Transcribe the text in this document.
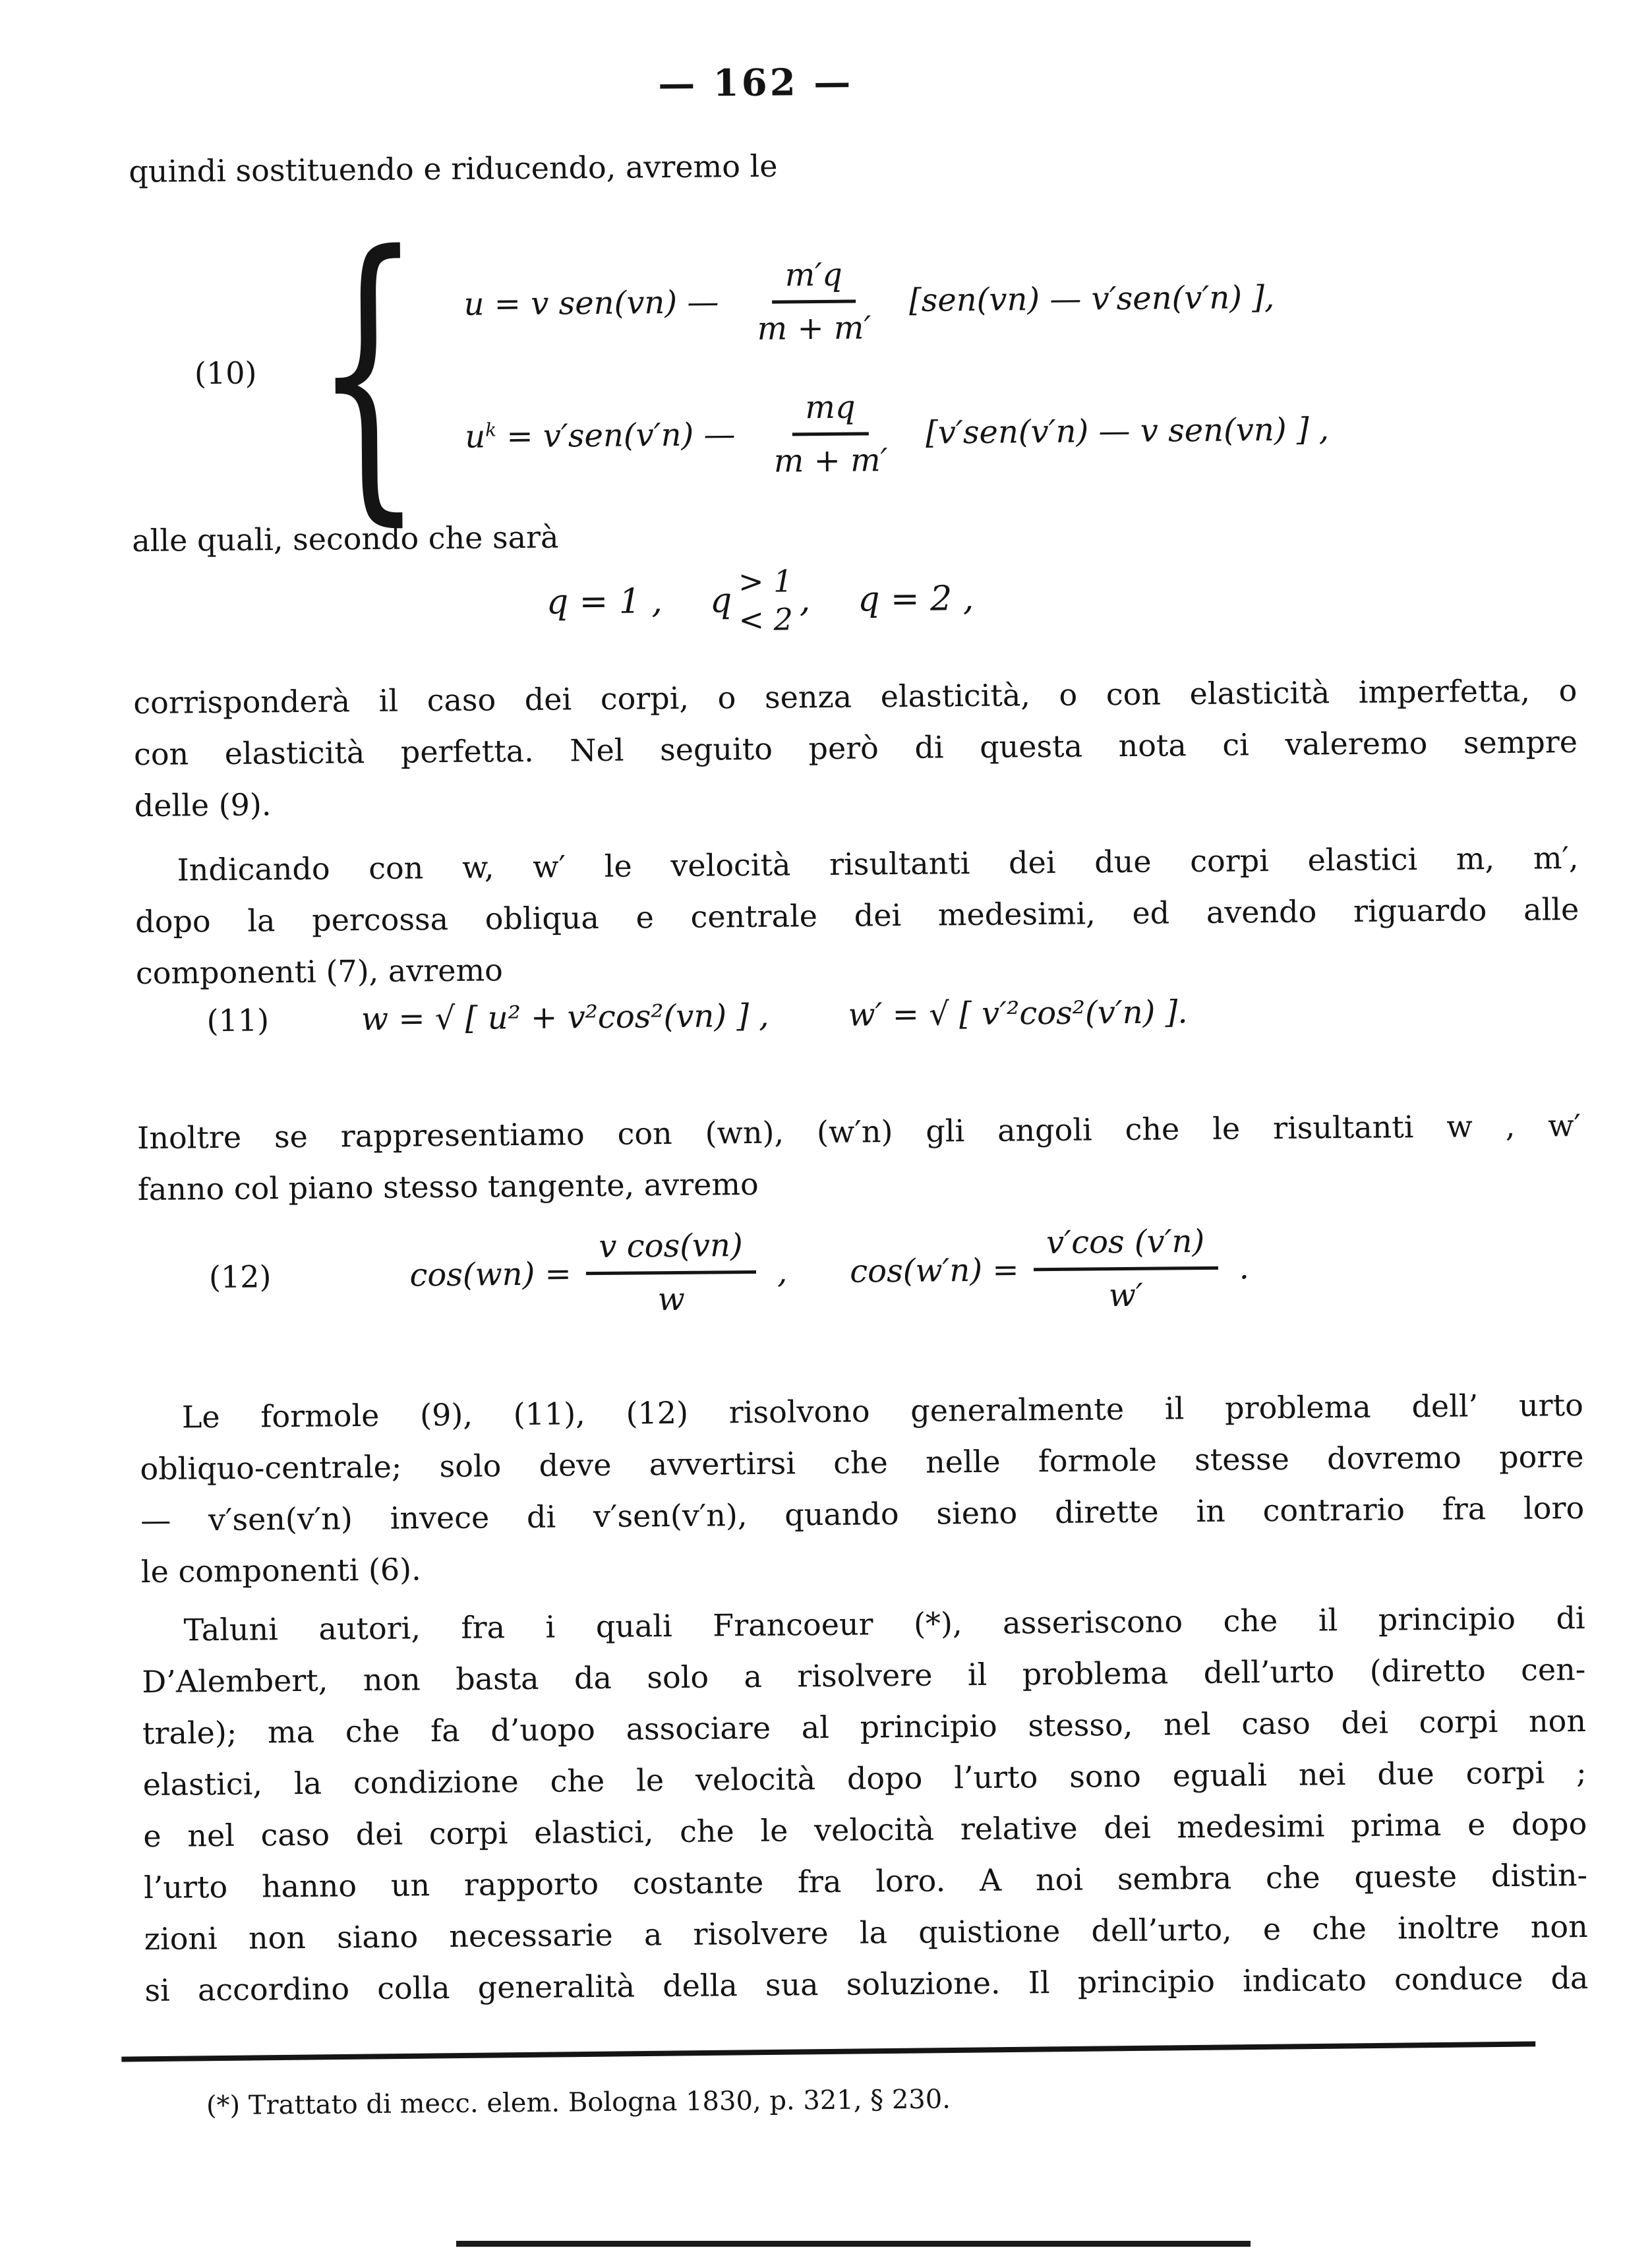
— 162 —
quindi sostituendo e riducendo, avremo le
(10) { u = v sen(vn) — $\frac{m'q}{m + m'} [sen(vn)$ — v′sen(v′n) ],
$u^k = v'sen(v'n)$ — $\frac{mq}{m + m'} [v'sen(v'n)$ — v sen(vn) ] ,
alle quali, secondo che sarà
q = 1 , q > 1
< 2 , q = 2 ,
corrisponderà il caso dei corpi, o senza elasticità, o con elasticità imperfetta, o
con elasticità perfetta. Nel seguito però di questa nota ci valeremo sempre
delle (9).
Indicando con w, w′ le velocità risultanti dei due corpi elastici m, m′,
dopo la percossa obliqua e centrale dei medesimi, ed avendo riguardo alle
componenti (7), avremo
(11)	w = √ [ u² + v²cos²(vn) ] , w′ = √ [ v′²cos²(v′n) ].
Inoltre se rappresentiamo con (wn), (w′n) gli angoli che le risultanti w , w′
fanno col piano stesso tangente, avremo
(12)	$\cos(wn) = \frac{\text{v cos(vn)}}{w}$ , $\cos(w'n) = \frac{v'\cos (v'n)}{w'}$ .
Le formole (9), (11), (12) risolvono generalmente il problema dell’ urto
obliquo-centrale; solo deve avvertirsi che nelle formole stesse dovremo porre
— v′sen(v′n) invece di v′sen(v′n), quando sieno dirette in contrario fra loro
le componenti (6).
Taluni autori, fra i quali Francoeur (*), asseriscono che il principio di
D’Alembert, non basta da solo a risolvere il problema dell’urto (diretto cen-
trale); ma che fa d’uopo associare al principio stesso, nel caso dei corpi non
elastici, la condizione che le velocità dopo l’urto sono eguali nei due corpi ;
e nel caso dei corpi elastici, che le velocità relative dei medesimi prima e dopo
l’urto hanno un rapporto costante fra loro. A noi sembra che queste distin-
zioni non siano necessarie a risolvere la quistione dell’urto, e che inoltre non
si accordino colla generalità della sua soluzione. Il principio indicato conduce da
(*) Trattato di mecc. elem. Bologna 1830, p. 321, § 230.
